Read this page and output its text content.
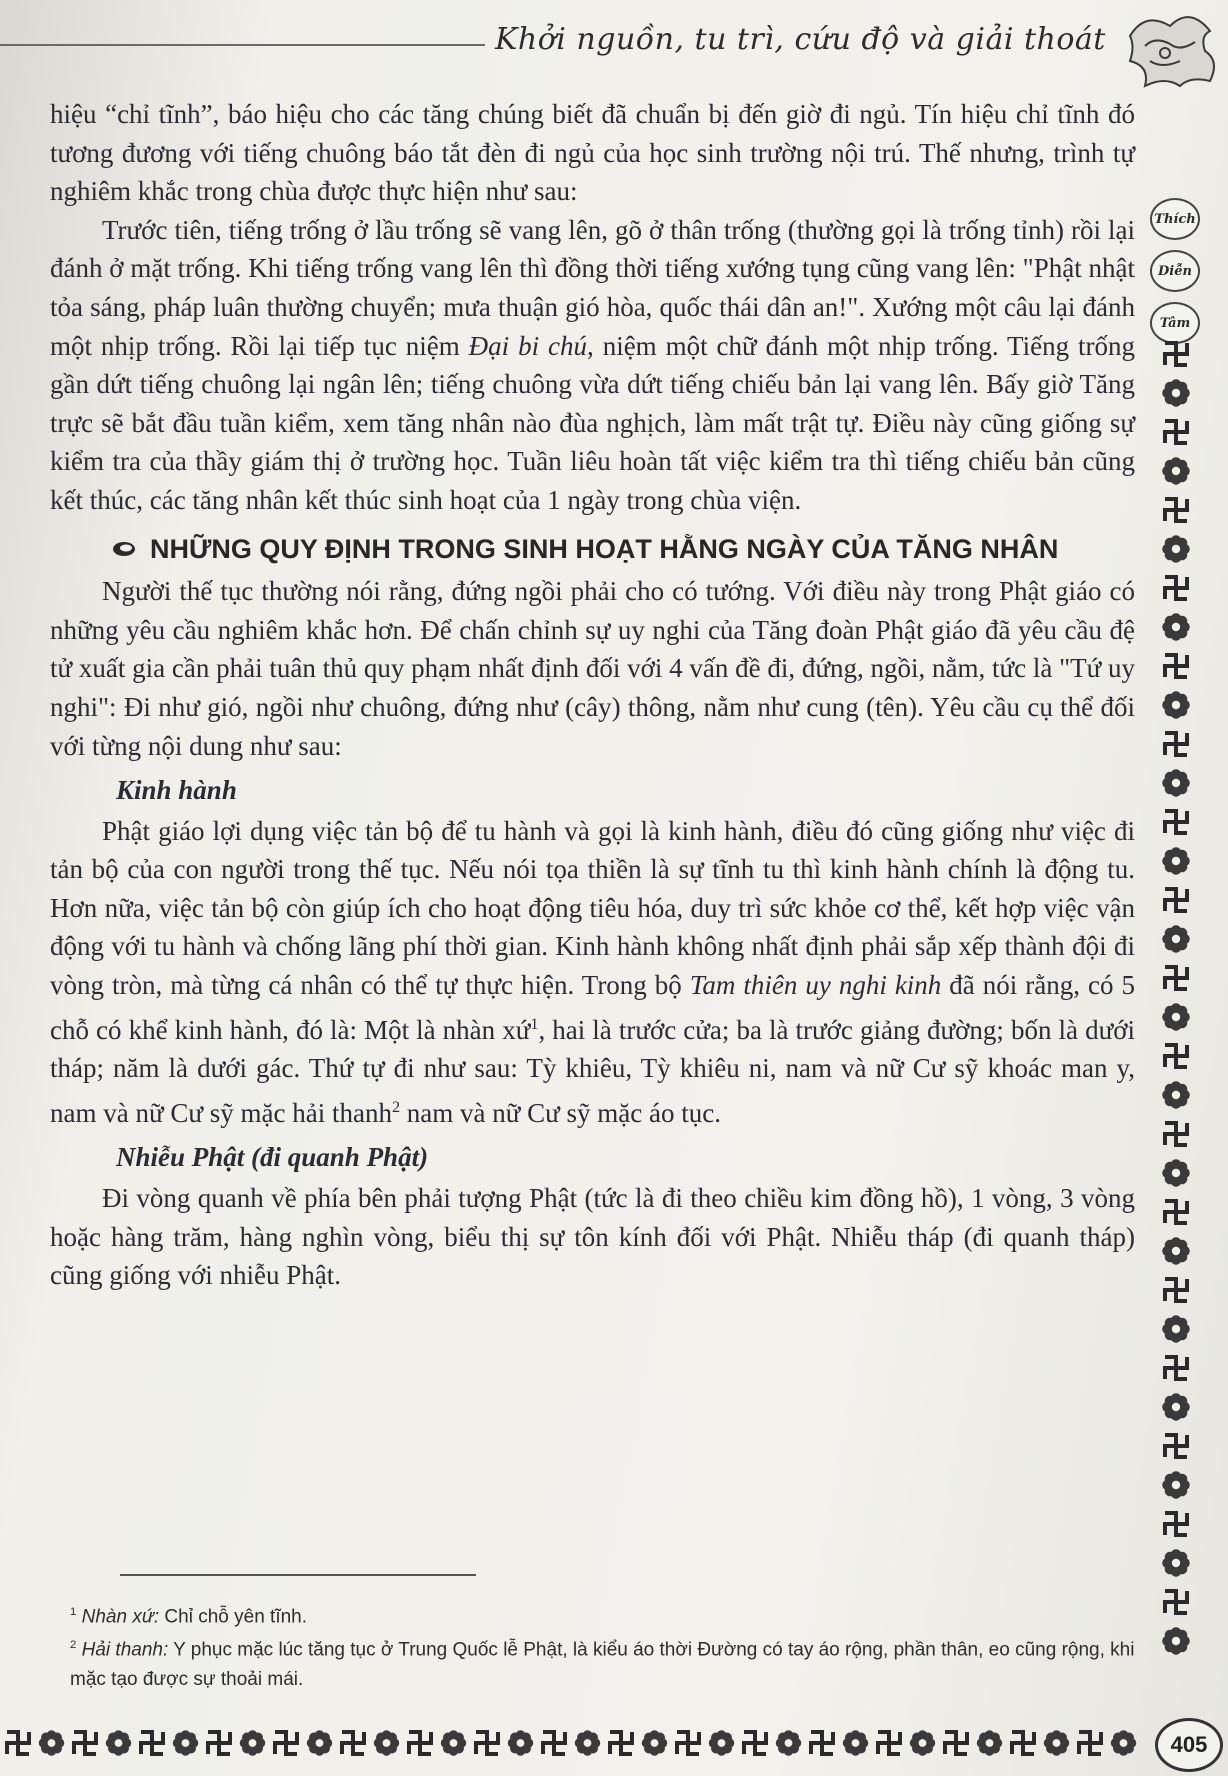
Khởi nguồn, tu trì, cứu độ và giải thoát

hiệu “chỉ tĩnh”, báo hiệu cho các tăng chúng biết đã chuẩn bị đến giờ đi ngủ. Tín hiệu chỉ tĩnh đó tương đương với tiếng chuông báo tắt đèn đi ngủ của học sinh trường nội trú. Thế nhưng, trình tự nghiêm khắc trong chùa được thực hiện như sau:

Trước tiên, tiếng trống ở lầu trống sẽ vang lên, gõ ở thân trống (thường gọi là trống tỉnh) rồi lại đánh ở mặt trống. Khi tiếng trống vang lên thì đồng thời tiếng xướng tụng cũng vang lên: "Phật nhật tỏa sáng, pháp luân thường chuyển; mưa thuận gió hòa, quốc thái dân an!". Xướng một câu lại đánh một nhịp trống. Rồi lại tiếp tục niệm Đại bi chú, niệm một chữ đánh một nhịp trống. Tiếng trống gần dứt tiếng chuông lại ngân lên; tiếng chuông vừa dứt tiếng chiếu bản lại vang lên. Bấy giờ Tăng trực sẽ bắt đầu tuần kiểm, xem tăng nhân nào đùa nghịch, làm mất trật tự. Điều này cũng giống sự kiểm tra của thầy giám thị ở trường học. Tuần liêu hoàn tất việc kiểm tra thì tiếng chiếu bản cũng kết thúc, các tăng nhân kết thúc sinh hoạt của 1 ngày trong chùa viện.

NHỮNG QUY ĐỊNH TRONG SINH HOẠT HẰNG NGÀY CỦA TĂNG NHÂN

Người thế tục thường nói rằng, đứng ngồi phải cho có tướng. Với điều này trong Phật giáo có những yêu cầu nghiêm khắc hơn. Để chấn chỉnh sự uy nghi của Tăng đoàn Phật giáo đã yêu cầu đệ tử xuất gia cần phải tuân thủ quy phạm nhất định đối với 4 vấn đề đi, đứng, ngồi, nằm, tức là "Tứ uy nghi": Đi như gió, ngồi như chuông, đứng như (cây) thông, nằm như cung (tên). Yêu cầu cụ thể đối với từng nội dung như sau:

Kinh hành

Phật giáo lợi dụng việc tản bộ để tu hành và gọi là kinh hành, điều đó cũng giống như việc đi tản bộ của con người trong thế tục. Nếu nói tọa thiền là sự tĩnh tu thì kinh hành chính là động tu. Hơn nữa, việc tản bộ còn giúp ích cho hoạt động tiêu hóa, duy trì sức khỏe cơ thể, kết hợp việc vận động với tu hành và chống lãng phí thời gian. Kinh hành không nhất định phải sắp xếp thành đội đi vòng tròn, mà từng cá nhân có thể tự thực hiện. Trong bộ Tam thiên uy nghi kinh đã nói rằng, có 5 chỗ có khể kinh hành, đó là: Một là nhàn xứ$^1$, hai là trước cửa; ba là trước giảng đường; bốn là dưới tháp; năm là dưới gác. Thứ tự đi như sau: Tỳ khiêu, Tỳ khiêu ni, nam và nữ Cư sỹ khoác man y, nam và nữ Cư sỹ mặc hải thanh$^2$ nam và nữ Cư sỹ mặc áo tục.

Nhiễu Phật (đi quanh Phật)

Đi vòng quanh về phía bên phải tượng Phật (tức là đi theo chiều kim đồng hồ), 1 vòng, 3 vòng hoặc hàng trăm, hàng nghìn vòng, biểu thị sự tôn kính đối với Phật. Nhiễu tháp (đi quanh tháp) cũng giống với nhiễu Phật.

$^1$ Nhàn xứ: Chỉ chỗ yên tĩnh.

$^2$ Hải thanh: Y phục mặc lúc tăng tục ở Trung Quốc lễ Phật, là kiểu áo thời Đường có tay áo rộng, phần thân, eo cũng rộng, khi mặc tạo được sự thoải mái.

Thích
Diễn
Tâm
405
